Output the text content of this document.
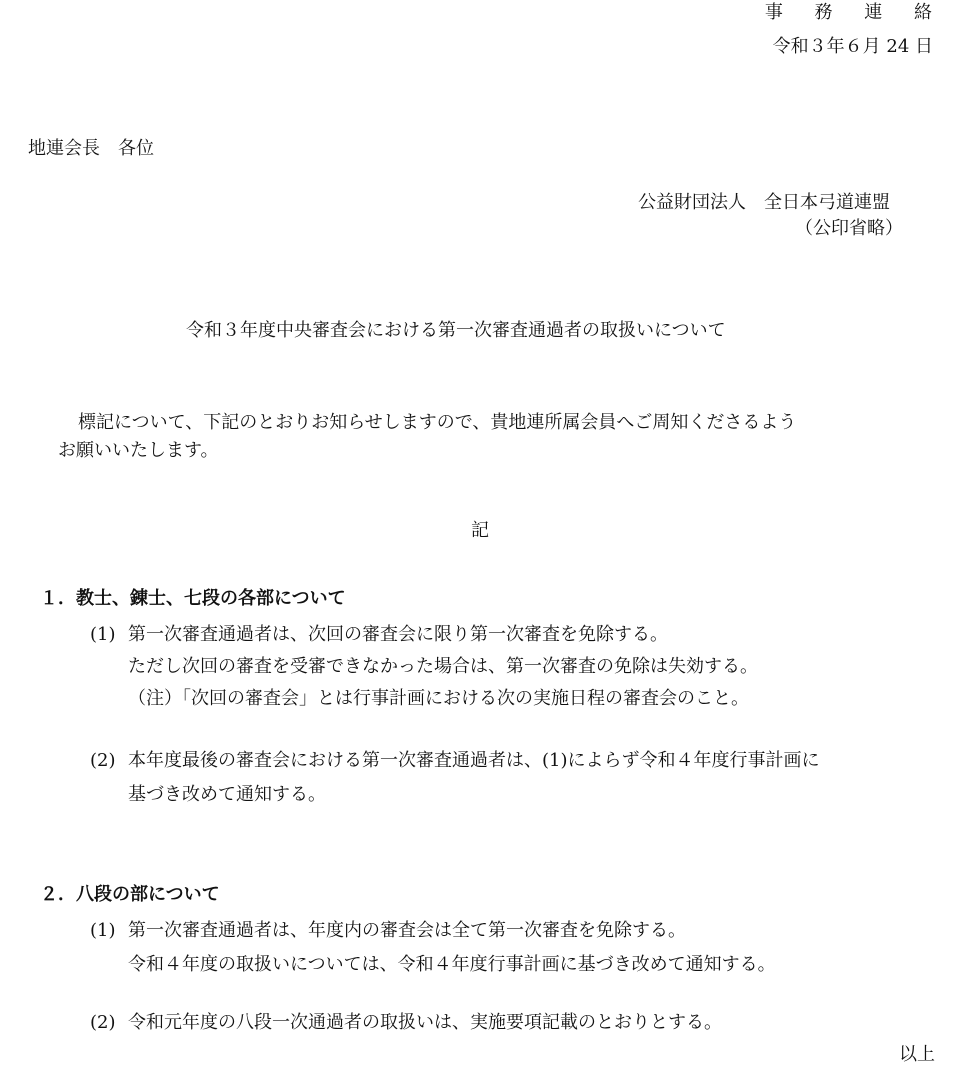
事 務 連 絡

令和３年６月 24 日

地連会長　各位

公益財団法人　全日本弓道連盟

（公印省略）

令和３年度中央審査会における第一次審査通過者の取扱いについて

標記について、下記のとおりお知らせしますので、貴地連所属会員へご周知くださるよう

お願いいたします。

記

１．教士、錬士、七段の各部について

(1) 第一次審査通過者は、次回の審査会に限り第一次審査を免除する。

ただし次回の審査を受審できなかった場合は、第一次審査の免除は失効する。

（注）「次回の審査会」とは行事計画における次の実施日程の審査会のこと。

(2) 本年度最後の審査会における第一次審査通過者は、(1)によらず令和４年度行事計画に

基づき改めて通知する。

２．八段の部について

(1) 第一次審査通過者は、年度内の審査会は全て第一次審査を免除する。

令和４年度の取扱いについては、令和４年度行事計画に基づき改めて通知する。

(2) 令和元年度の八段一次通過者の取扱いは、実施要項記載のとおりとする。

以上
